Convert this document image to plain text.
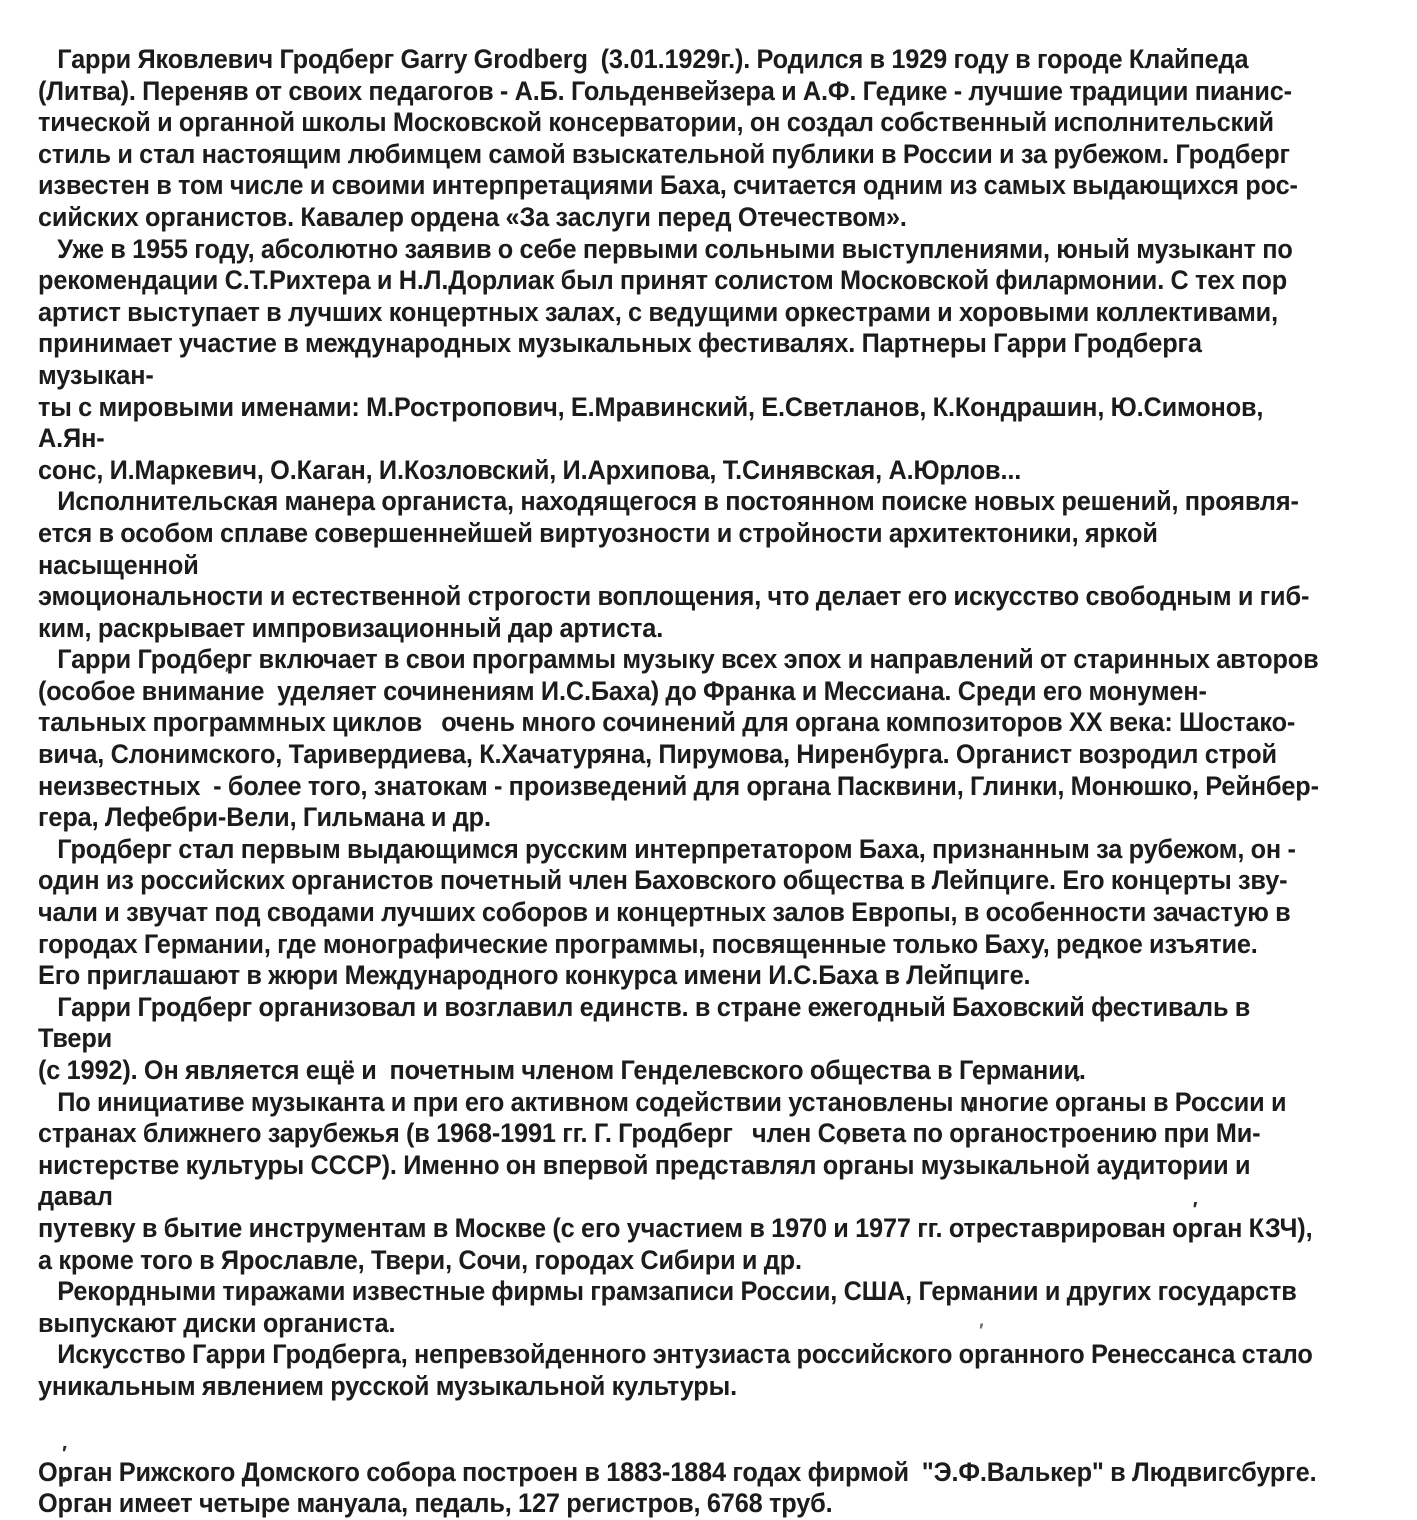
Гарри Яковлевич Гродберг Garry Grodberg  (3.01.1929г.). Родился в 1929 году в городе Клайпеда
(Литва). Переняв от своих педагогов - А.Б. Гольденвейзера и А.Ф. Гедике - лучшие традиции пианис-
тической и органной школы Московской консерватории, он создал собственный исполнительский
стиль и стал настоящим любимцем самой взыскательной публики в России и за рубежом. Гродберг
известен в том числе и своими интерпретациями Баха, считается одним из самых выдающихся рос-
сийских органистов. Кавалер ордена «За заслуги перед Отечеством».

Уже в 1955 году, абсолютно заявив о себе первыми сольными выступлениями, юный музыкант по
рекомендации С.Т.Рихтера и Н.Л.Дорлиак был принят солистом Московской филармонии. С тех пор
артист выступает в лучших концертных залах, с ведущими оркестрами и хоровыми коллективами,
принимает участие в международных музыкальных фестивалях. Партнеры Гарри Гродберга музыкан-
ты с мировыми именами: М.Ростропович, Е.Мравинский, Е.Светланов, К.Кондрашин, Ю.Симонов, А.Ян-
сонс, И.Маркевич, О.Каган, И.Козловский, И.Архипова, Т.Синявская, А.Юрлов...

Исполнительская манера органиста, находящегося в постоянном поиске новых решений, проявля-
ется в особом сплаве совершеннейшей виртуозности и стройности архитектоники, яркой насыщенной
эмоциональности и естественной строгости воплощения, что делает его искусство свободным и гиб-
ким, раскрывает импровизационный дар артиста.

Гарри Гродберг включает в свои программы музыку всех эпох и направлений от старинных авторов
(особое вниман ′ие  уделяет сочинениям И.С.Баха) до Франка и Мессиана. Среди его монумен-
тальных программных циклов   очень много сочинений для органа композиторов XX века: Шостако-
вича, Слонимского, Таривердиева, К.Хачатуряна, Пирумова, Ниренбурга. Органист возродил строй
неизвестных  - более того, знатокам - произведений для органа Пасквини, Глинки, Монюшко, Рейнбер-
гера, Лефебри-Вели, Гильмана и др.

Гродберг стал первым выдающимся русским интерпретатором Баха, признанным за рубежом, он -
один из российских органистов почетный член Баховского общества в Лейпциге. Его концерты зву-
чали и звучат под сводами лучших соборов и концертных залов Европы, в особенности зачастую в
городах Германии, где монографические программы, посвященные только Баху, редкое изъятие.
Его приглашают в жюри Международного конкурса имени И.С.Баха в Лейпциге.

Гарри Гродберг организовал и возглавил единств. в стране ежегодный Баховский фестиваль в Твери
(с 1992). Он является ещё и  почетным членом Генделевского общества в Германии.

По инициативе музыканта и при его активном содействии установлены многие ор ′ганы в России и
странах ближнего зарубежья (в 1968-1991 гг. Г. Гродберг   член Совета по ор ′ганостроению при Ми-
нистерстве культуры СССР). Именно он впервой представлял ор ′ганы музыкальной аудитории и давал
путевку в бытие инструментам в Москве (с его участием в 1970 и 1977 гг. отреставрирован ор ′ган КЗЧ),
а кроме того в Ярославле, Твери, Сочи, городах Сибири и др.

Рекордными тиражами известные фирмы грамзаписи России, США, Германии и других государств
выпускают диски органиста.

Искусство Гарри Гродберга, непревзойденного энтузиаста российского ор ′ганного Ренессанса стало
уникальным явлением русской музыкальной культуры.

Ор ′ган Рижского Домского собора построен в 1883-1884 годах фирмой  "Э.Ф.Валькер" в Людвигсбурге.
Ор ′ган имеет четыре мануала, педаль, 127 регистров, 6768 труб.
